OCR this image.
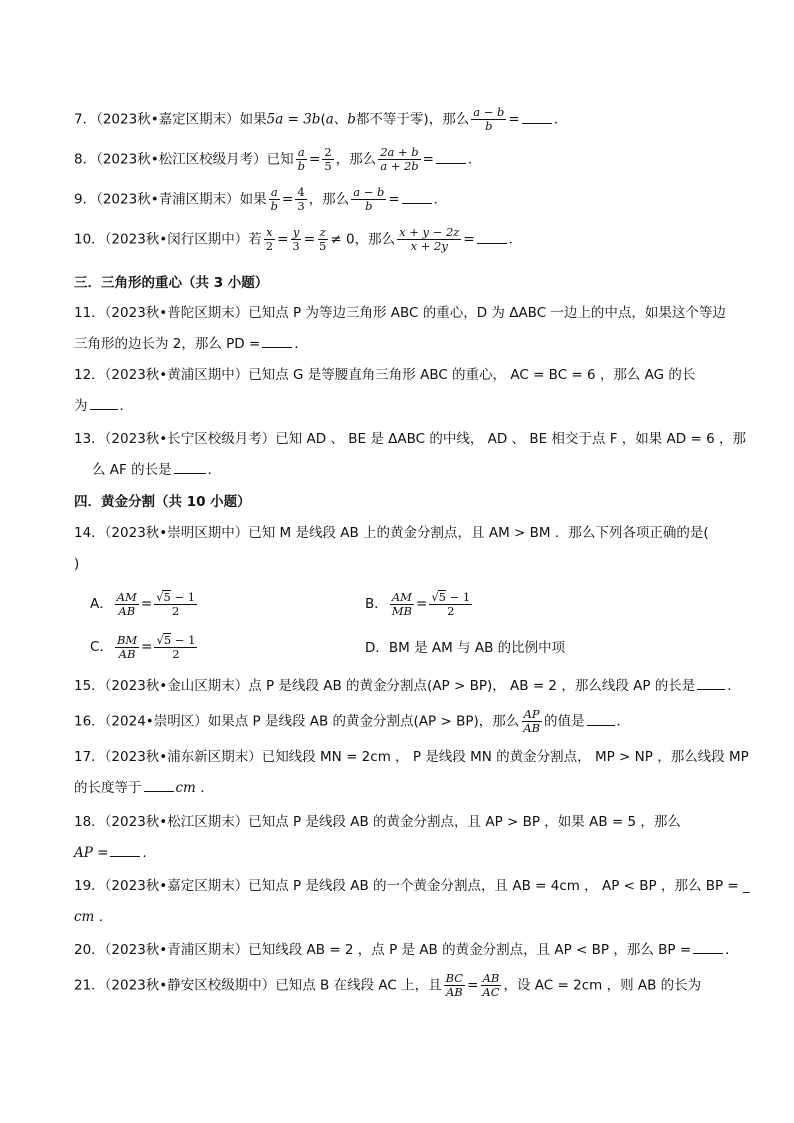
7．（2023秋•嘉定区期末）如果5a = 3b(a、b都不等于零)，那么 $\frac{a - b}{b}$ =	．
8．（2023秋•松江区校级月考）已知 $\frac{a}{b} = \frac{2}{5}$ ，那么 $\frac{2a + b}{a + 2b}$ =	．
9．（2023秋•青浦区期末）如果 $\frac{a}{b} = \frac{4}{3}$ ，那么 $\frac{a - b}{b}$ =	．
10．（2023秋•闵行区期中）若 $\frac{x}{2} = \frac{y}{3} = \frac{z}{5} \ne 0$，那么 $\frac{x + y - 2z}{x + 2y}$ =	．
三．三角形的重心（共 3 小题）
11．（2023秋•普陀区期末）已知点 P 为等边三角形 ABC 的重心，D 为 ΔABC 一边上的中点，如果这个等边
三角形的边长为 2，那么 PD =	．
12．（2023秋•黄浦区期中）已知点 G 是等腰直角三角形 ABC 的重心， AC = BC = 6 ，那么 AG 的长
为 ．
13．（2023秋•长宁区校级月考）已知 AD 、 BE 是 ΔABC 的中线， AD 、 BE 相交于点 F ，如果 AD = 6 ，那
么 AF 的长是	．
四．黄金分割（共 10 小题）
14．（2023秋•崇明区期中）已知 M 是线段 AB 上的黄金分割点，且 AM > BM ．那么下列各项正确的是(
)
A． $\frac{AM}{AB} = \frac{√5 - 1}{2}$	B． $\frac{AM}{MB} = \frac{√5 - 1}{2}$
C． $\frac{BM}{AB} = \frac{√5 - 1}{2}$	D．BM 是 AM 与 AB 的比例中项
15．（2023秋•金山区期末）点 P 是线段 AB 的黄金分割点(AP > BP)， AB = 2 ，那么线段 AP 的长是 ．
16．（2024•崇明区）如果点 P 是线段 AB 的黄金分割点(AP > BP)，那么 $\frac{AP}{AB}$ 的值是 ．
17．（2023秋•浦东新区期末）已知线段 MN = 2cm ， P 是线段 MN 的黄金分割点， MP > NP ，那么线段 MP
的长度等于	cm ．
18．（2023秋•松江区期末）已知点 P 是线段 AB 的黄金分割点，且 AP > BP ，如果 AB = 5 ，那么
AP =	．
19．（2023秋•嘉定区期末）已知点 P 是线段 AB 的一个黄金分割点，且 AB = 4cm ， AP < BP ，那么 BP = _
cm ．
20．（2023秋•青浦区期末）已知线段 AB = 2 ，点 P 是 AB 的黄金分割点，且 AP < BP ，那么 BP =	．
21．（2023秋•静安区校级期中）已知点 B 在线段 AC 上，且 $\frac{BC}{AB} = \frac{AB}{AC}$ ，设 AC = 2cm ，则 AB 的长为
